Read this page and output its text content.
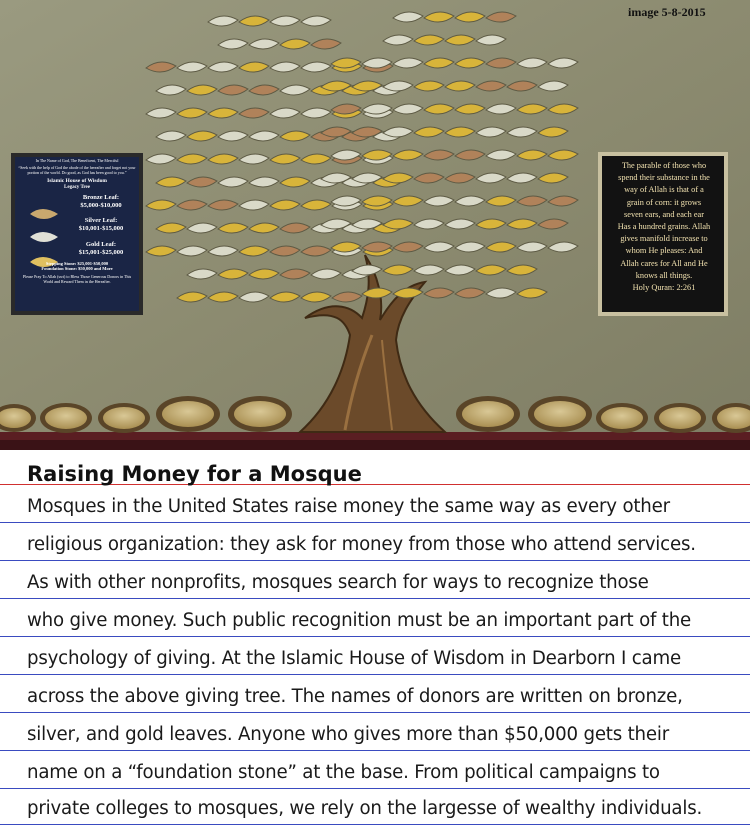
image 5-8-2015
In The Name of God, The Beneficent, The Merciful
“Seek with the help of God the abode of the hereafter and forget not your portion of the world. Do good, as God has been good to you.”
Islamic House of Wisdom
Legacy Tree
Bronze Leaf:
$5,000-$10,000
Silver Leaf:
$10,001-$15,000
Gold Leaf:
$15,001-$25,000
Stepping Stone: $25,001-$50,000
Foundation Stone: $50,000 and More
Please Pray To Allah (swt) to Bless Those Generous Donors in This World and Reward Them in the Hereafter.
The parable of those who
spend their substance in the
way of Allah is that of a
grain of corn: it grows
seven ears, and each ear
Has a hundred grains. Allah
gives manifold increase to
whom He pleases: And
Allah cares for All and He
knows all things.
Holy Quran: 2:261
Raising Money for a Mosque
Mosques in the United States raise money the same way as every other
religious organization: they ask for money from those who attend services.
As with other nonprofits, mosques search for ways to recognize those
who give money. Such public recognition must be an important part of the
psychology of giving. At the Islamic House of Wisdom in Dearborn I came
across the above giving tree. The names of donors are written on bronze,
silver, and gold leaves. Anyone who gives more than $50,000 gets their
name on a “foundation stone” at the base. From political campaigns to
private colleges to mosques, we rely on the largesse of wealthy individuals.
